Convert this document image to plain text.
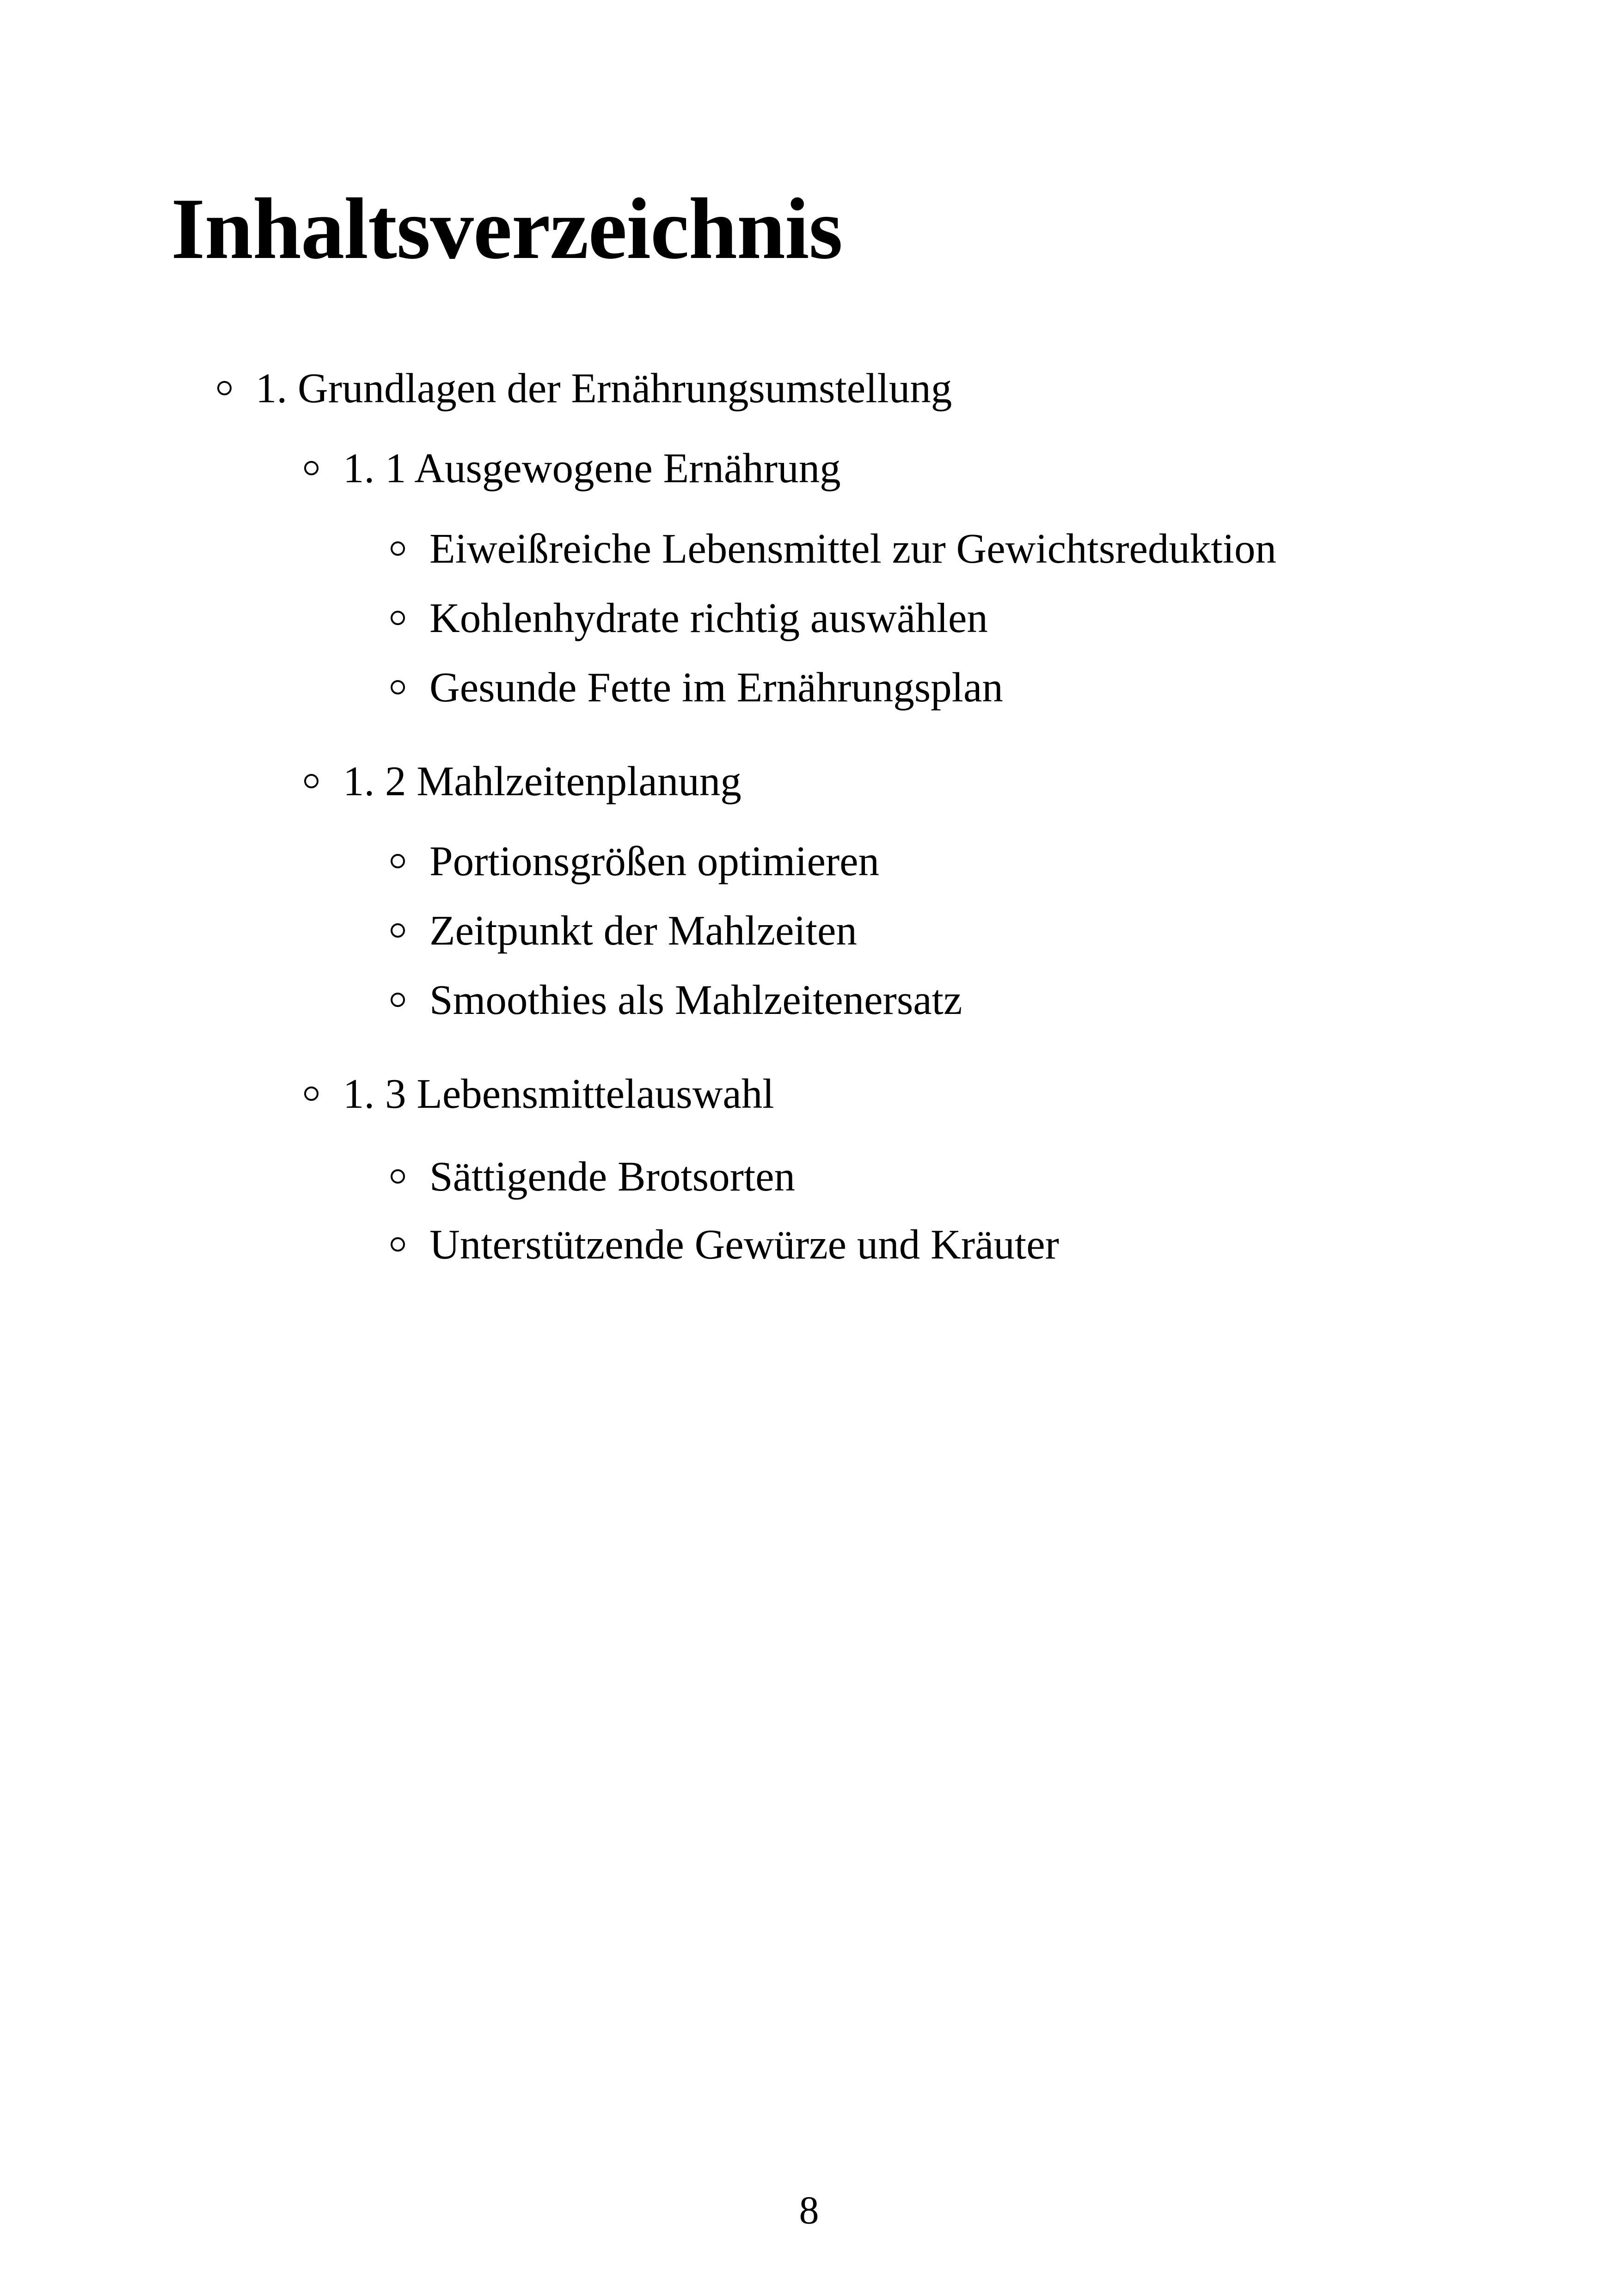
Inhaltsverzeichnis
1. Grundlagen der Ernährungsumstellung
1. 1 Ausgewogene Ernährung
Eiweißreiche Lebensmittel zur Gewichtsreduktion
Kohlenhydrate richtig auswählen
Gesunde Fette im Ernährungsplan
1. 2 Mahlzeitenplanung
Portionsgrößen optimieren
Zeitpunkt der Mahlzeiten
Smoothies als Mahlzeitenersatz
1. 3 Lebensmittelauswahl
Sättigende Brotsorten
Unterstützende Gewürze und Kräuter
8
